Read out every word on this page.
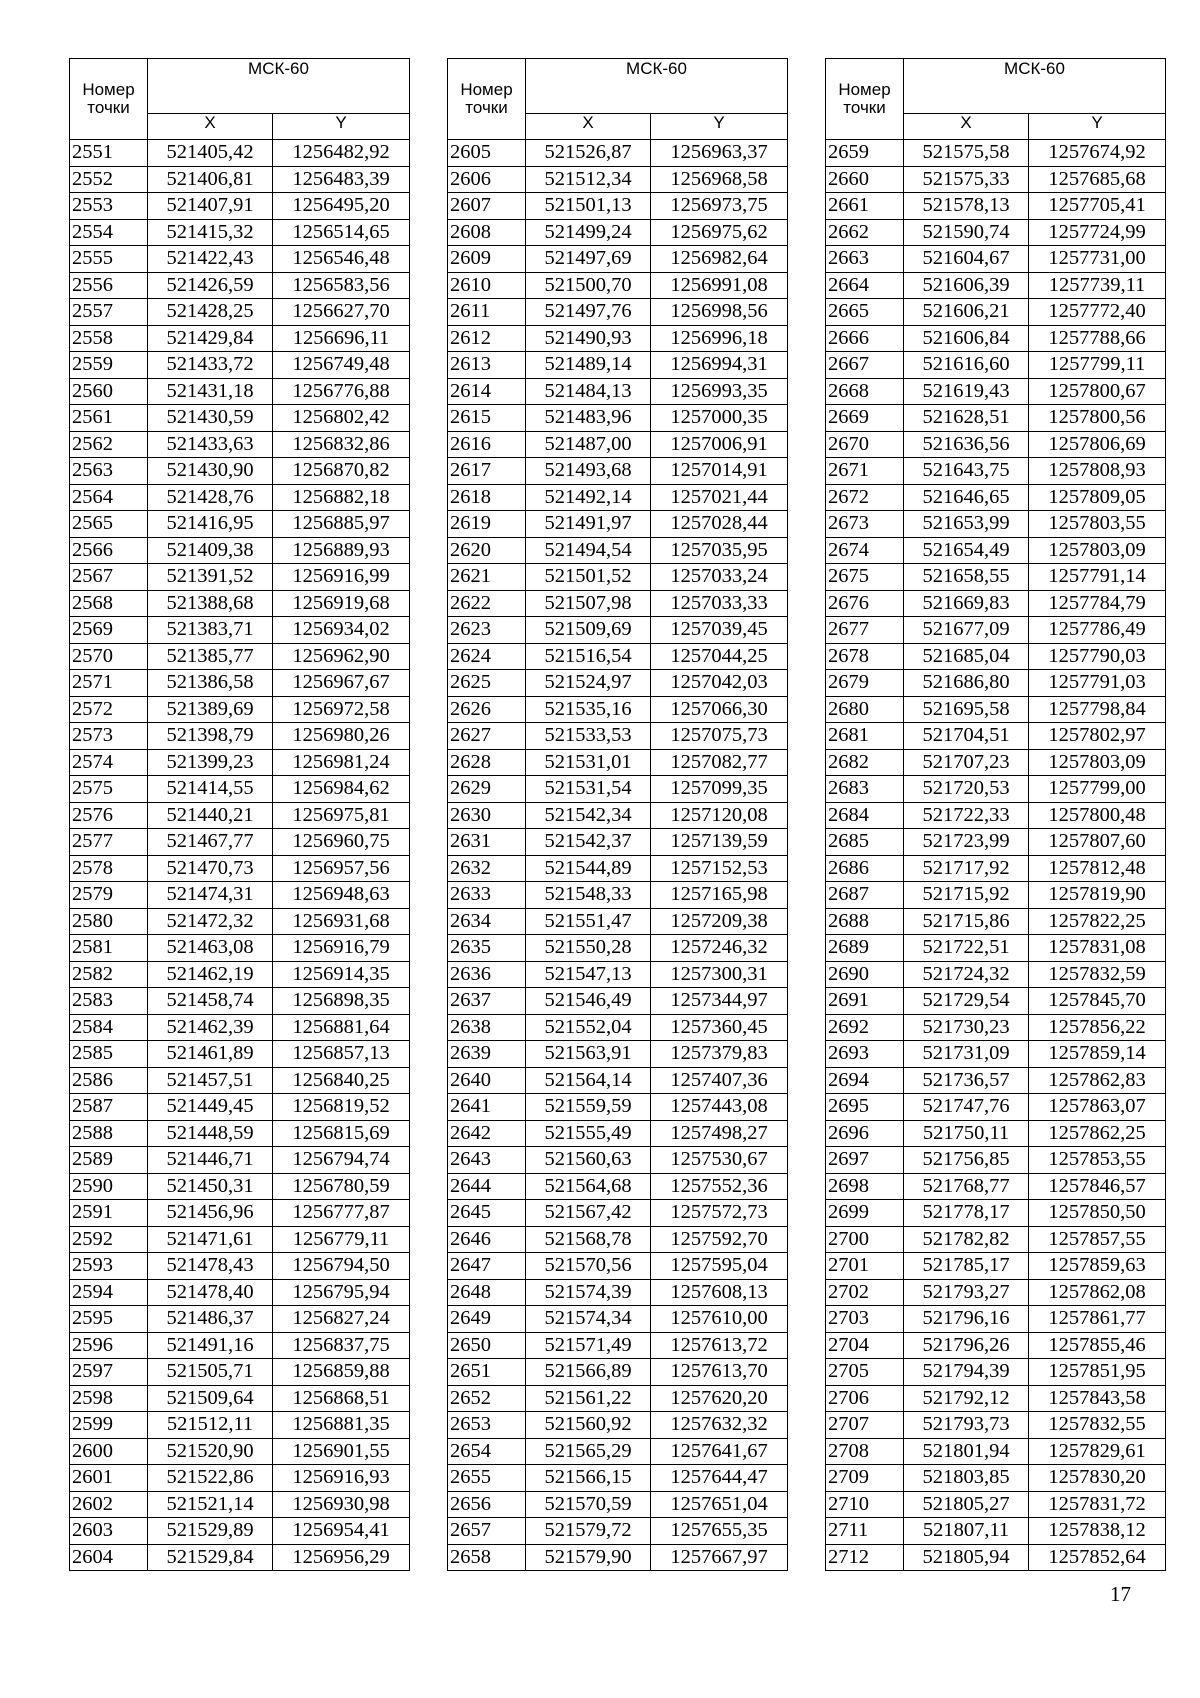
Номер точки	МСК-60	
	X	Y
2551	521405,42	1256482,92
2552	521406,81	1256483,39
2553	521407,91	1256495,20
2554	521415,32	1256514,65
2555	521422,43	1256546,48
2556	521426,59	1256583,56
2557	521428,25	1256627,70
2558	521429,84	1256696,11
2559	521433,72	1256749,48
2560	521431,18	1256776,88
2561	521430,59	1256802,42
2562	521433,63	1256832,86
2563	521430,90	1256870,82
2564	521428,76	1256882,18
2565	521416,95	1256885,97
2566	521409,38	1256889,93
2567	521391,52	1256916,99
2568	521388,68	1256919,68
2569	521383,71	1256934,02
2570	521385,77	1256962,90
2571	521386,58	1256967,67
2572	521389,69	1256972,58
2573	521398,79	1256980,26
2574	521399,23	1256981,24
2575	521414,55	1256984,62
2576	521440,21	1256975,81
2577	521467,77	1256960,75
2578	521470,73	1256957,56
2579	521474,31	1256948,63
2580	521472,32	1256931,68
2581	521463,08	1256916,79
2582	521462,19	1256914,35
2583	521458,74	1256898,35
2584	521462,39	1256881,64
2585	521461,89	1256857,13
2586	521457,51	1256840,25
2587	521449,45	1256819,52
2588	521448,59	1256815,69
2589	521446,71	1256794,74
2590	521450,31	1256780,59
2591	521456,96	1256777,87
2592	521471,61	1256779,11
2593	521478,43	1256794,50
2594	521478,40	1256795,94
2595	521486,37	1256827,24
2596	521491,16	1256837,75
2597	521505,71	1256859,88
2598	521509,64	1256868,51
2599	521512,11	1256881,35
2600	521520,90	1256901,55
2601	521522,86	1256916,93
2602	521521,14	1256930,98
2603	521529,89	1256954,41
2604	521529,84	1256956,29
Номер точки	МСК-60	
	X	Y
2605	521526,87	1256963,37
2606	521512,34	1256968,58
2607	521501,13	1256973,75
2608	521499,24	1256975,62
2609	521497,69	1256982,64
2610	521500,70	1256991,08
2611	521497,76	1256998,56
2612	521490,93	1256996,18
2613	521489,14	1256994,31
2614	521484,13	1256993,35
2615	521483,96	1257000,35
2616	521487,00	1257006,91
2617	521493,68	1257014,91
2618	521492,14	1257021,44
2619	521491,97	1257028,44
2620	521494,54	1257035,95
2621	521501,52	1257033,24
2622	521507,98	1257033,33
2623	521509,69	1257039,45
2624	521516,54	1257044,25
2625	521524,97	1257042,03
2626	521535,16	1257066,30
2627	521533,53	1257075,73
2628	521531,01	1257082,77
2629	521531,54	1257099,35
2630	521542,34	1257120,08
2631	521542,37	1257139,59
2632	521544,89	1257152,53
2633	521548,33	1257165,98
2634	521551,47	1257209,38
2635	521550,28	1257246,32
2636	521547,13	1257300,31
2637	521546,49	1257344,97
2638	521552,04	1257360,45
2639	521563,91	1257379,83
2640	521564,14	1257407,36
2641	521559,59	1257443,08
2642	521555,49	1257498,27
2643	521560,63	1257530,67
2644	521564,68	1257552,36
2645	521567,42	1257572,73
2646	521568,78	1257592,70
2647	521570,56	1257595,04
2648	521574,39	1257608,13
2649	521574,34	1257610,00
2650	521571,49	1257613,72
2651	521566,89	1257613,70
2652	521561,22	1257620,20
2653	521560,92	1257632,32
2654	521565,29	1257641,67
2655	521566,15	1257644,47
2656	521570,59	1257651,04
2657	521579,72	1257655,35
2658	521579,90	1257667,97
Номер точки	МСК-60	
	X	Y
2659	521575,58	1257674,92
2660	521575,33	1257685,68
2661	521578,13	1257705,41
2662	521590,74	1257724,99
2663	521604,67	1257731,00
2664	521606,39	1257739,11
2665	521606,21	1257772,40
2666	521606,84	1257788,66
2667	521616,60	1257799,11
2668	521619,43	1257800,67
2669	521628,51	1257800,56
2670	521636,56	1257806,69
2671	521643,75	1257808,93
2672	521646,65	1257809,05
2673	521653,99	1257803,55
2674	521654,49	1257803,09
2675	521658,55	1257791,14
2676	521669,83	1257784,79
2677	521677,09	1257786,49
2678	521685,04	1257790,03
2679	521686,80	1257791,03
2680	521695,58	1257798,84
2681	521704,51	1257802,97
2682	521707,23	1257803,09
2683	521720,53	1257799,00
2684	521722,33	1257800,48
2685	521723,99	1257807,60
2686	521717,92	1257812,48
2687	521715,92	1257819,90
2688	521715,86	1257822,25
2689	521722,51	1257831,08
2690	521724,32	1257832,59
2691	521729,54	1257845,70
2692	521730,23	1257856,22
2693	521731,09	1257859,14
2694	521736,57	1257862,83
2695	521747,76	1257863,07
2696	521750,11	1257862,25
2697	521756,85	1257853,55
2698	521768,77	1257846,57
2699	521778,17	1257850,50
2700	521782,82	1257857,55
2701	521785,17	1257859,63
2702	521793,27	1257862,08
2703	521796,16	1257861,77
2704	521796,26	1257855,46
2705	521794,39	1257851,95
2706	521792,12	1257843,58
2707	521793,73	1257832,55
2708	521801,94	1257829,61
2709	521803,85	1257830,20
2710	521805,27	1257831,72
2711	521807,11	1257838,12
2712	521805,94	1257852,64
17
